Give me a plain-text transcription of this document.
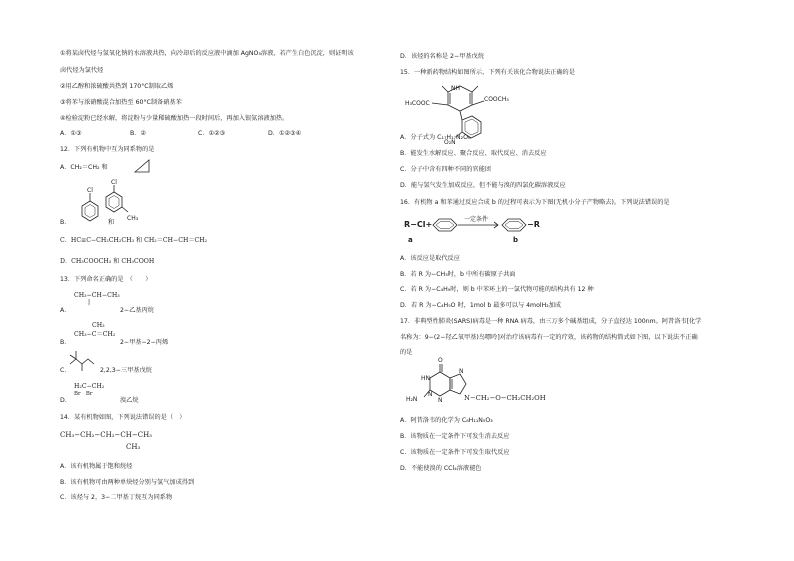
①将某卤代烃与氢氧化钠的水溶液共热，向冷却后的反应液中滴加 AgNO₃溶液，若产生白色沉淀，则证明该
卤代烃为氯代烃
②用乙醇和浓硫酸共热到 170°C制取乙烯
③将苯与浓硝酸混合加热至 60°C制备硝基苯
④检验淀粉已经水解，将淀粉与少量稀硫酸加热一段时间后，再加入银氨溶液加热。
A．①③	B．②	C．①②③	D．①②③④
12．下列有机物中互为同系物的是
A．CH₂＝CH₂ 和
Cl
Cl
CH₃
B．	和
C．HC≡C−CH₂CH₂CH₃ 和 CH₂＝CH−CH＝CH₂
D．CH₃COOCH₃ 和 CH₃COOH
13．下列命名正确的是　（　　）
CH₃−CH−CH₃
|
A．	2−乙基丙烷
CH₃
CH₃−C＝CH₂
B．	2−甲基−2−丙烯
C．	2,2,3−三甲基戊烷
H₂C−CH₂
Br　Br
D．	溴乙烷
14．某有机物如图，下列说法错误的是（　）
CH₃−CH₂−CH₂−CH−CH₃
CH₃
A．该有机物属于饱和烷烃
B．该有机物可由两种单炔烃分别与氢气加成得到
C．该烃与 2，3−二甲基丁烷互为同系物
D．该烃的名称是 2−甲基戊烷
15．一种新药物结构如图所示，下列有关该化合物说法正确的是
NH
H₃COOC
COOCH₃
O₂N
R−Cl+
一定条件
−R
a	b
O
HN
N
N
N
H₂N	N−CH₂−O−CH₂CH₂OH
A．分子式为 C₁₇H₁₇N₂O₆
B．能发生水解反应、聚合反应、取代反应、消去反应
C．分子中含有四种不同的官能团
D．能与氢气发生加成反应，但不能与溴的四氯化碳溶液反应
16．有机物 a 和苯通过反应合成 b 的过程可表示为下图(无机小分子产物略去)。下列说法错误的是
A．该反应是取代反应
B．若 R 为−CH₃时，b 中所有碳原子共面
C．若 R 为−C₄H₉时，则 b 中苯环上的一氯代物可能的结构共有 12 种
D．若 R 为−C₄H₅O 时，1mol b 最多可以与 4molH₂加成
17．非典型性肺炎(SARS)病毒是一种 RNA 病毒，由三万多个碱基组成，分子直径达 100nm。阿昔洛韦[化学
名称为：9−(2−羟乙氧甲基)鸟嘌呤]对治疗该病毒有一定的疗效，该药物的结构简式如下图，以下说法不正确
的是
A．阿昔洛韦的化学为 C₈H₁₁N₅O₃
B．该物质在一定条件下可发生消去反应
C．该物质在一定条件下可发生取代反应
D．不能使溴的 CCl₄溶液褪色
